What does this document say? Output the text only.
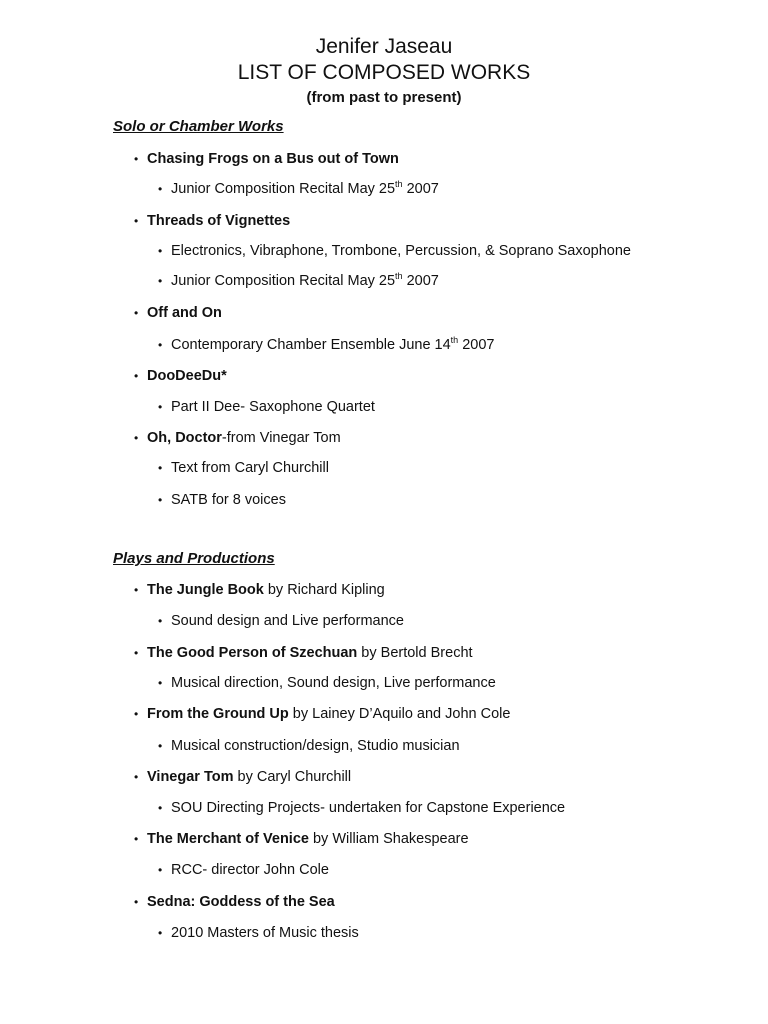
Jenifer Jaseau
LIST OF COMPOSED WORKS
(from past to present)
Solo or Chamber Works
• Chasing Frogs on a Bus out of Town
• Junior Composition Recital May 25th 2007
• Threads of Vignettes
• Electronics, Vibraphone, Trombone, Percussion, & Soprano Saxophone
• Junior Composition Recital May 25th 2007
• Off and On
• Contemporary Chamber Ensemble June 14th 2007
• DooDeeDu*
• Part II Dee- Saxophone Quartet
• Oh, Doctor-from Vinegar Tom
• Text from Caryl Churchill
• SATB for 8 voices
Plays and Productions
• The Jungle Book by Richard Kipling
• Sound design and Live performance
• The Good Person of Szechuan by Bertold Brecht
• Musical direction, Sound design, Live performance
• From the Ground Up by Lainey D’Aquilo and John Cole
• Musical construction/design, Studio musician
• Vinegar Tom by Caryl Churchill
• SOU Directing Projects- undertaken for Capstone Experience
• The Merchant of Venice by William Shakespeare
• RCC- director John Cole
• Sedna: Goddess of the Sea
• 2010 Masters of Music thesis
